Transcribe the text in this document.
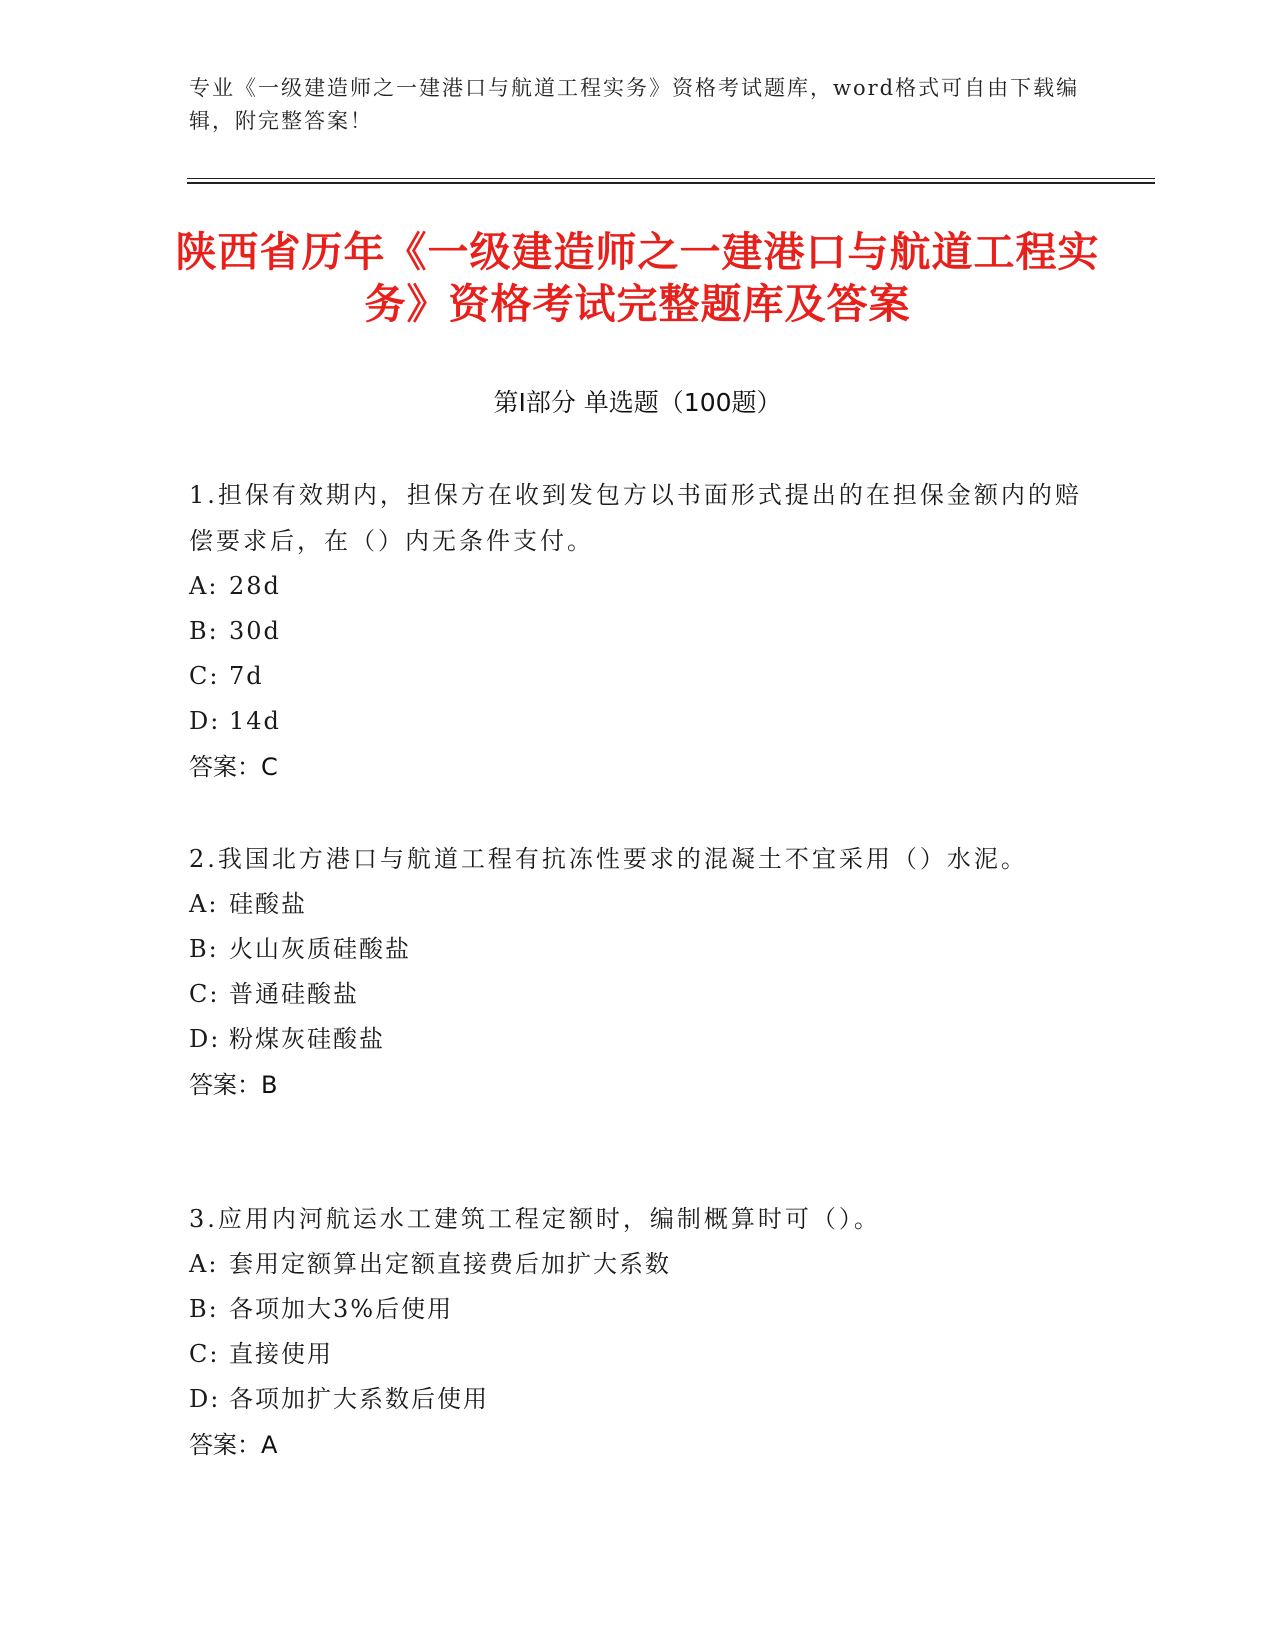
专业《一级建造师之一建港口与航道工程实务》资格考试题库，word格式可自由下载编辑，附完整答案！
陕西省历年《一级建造师之一建港口与航道工程实务》资格考试完整题库及答案
第Ⅰ部分 单选题（100题）
1.担保有效期内，担保方在收到发包方以书面形式提出的在担保金额内的赔偿要求后，在（）内无条件支付。
A: 28d
B: 30d
C: 7d
D: 14d
答案：C
2.我国北方港口与航道工程有抗冻性要求的混凝土不宜采用（）水泥。
A: 硅酸盐
B: 火山灰质硅酸盐
C: 普通硅酸盐
D: 粉煤灰硅酸盐
答案：B
3.应用内河航运水工建筑工程定额时，编制概算时可（）。
A: 套用定额算出定额直接费后加扩大系数
B: 各项加大3%后使用
C: 直接使用
D: 各项加扩大系数后使用
答案：A
